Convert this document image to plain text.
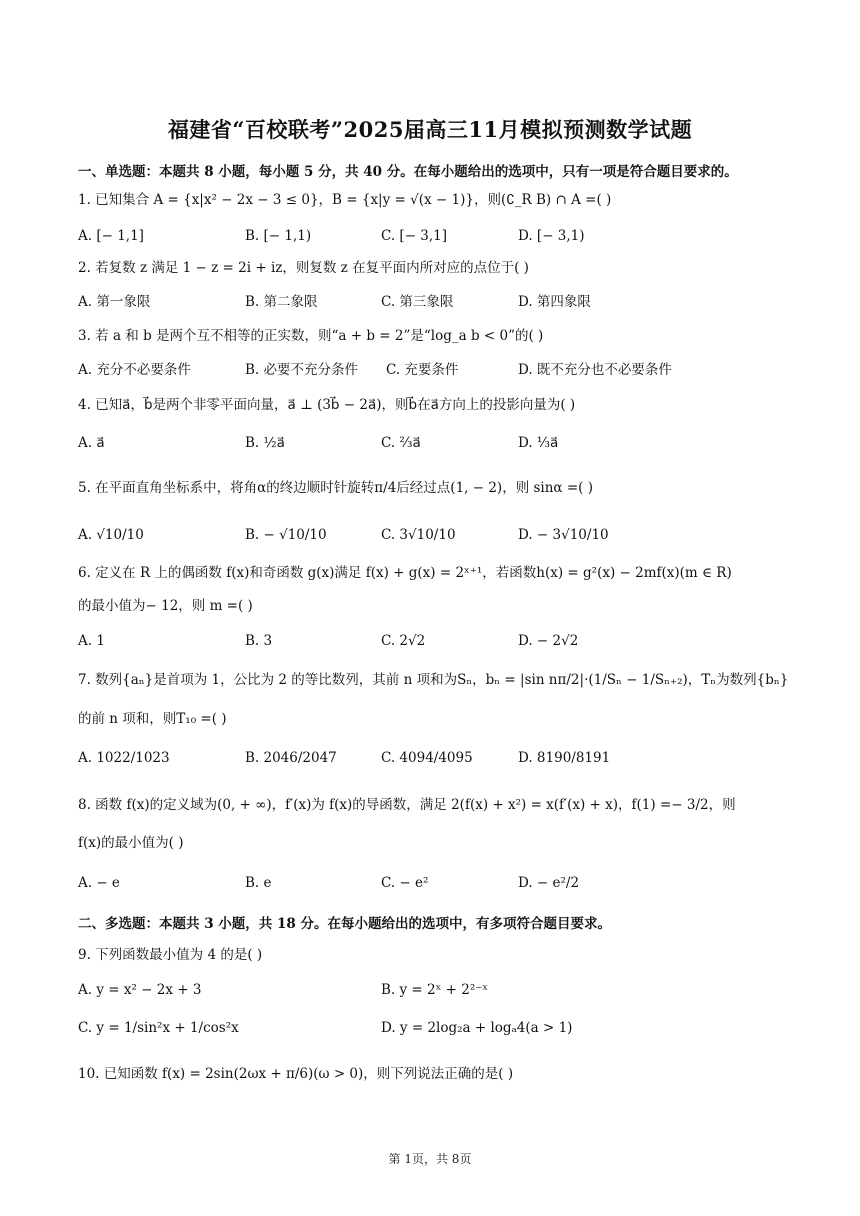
福建省“百校联考”2025届高三11月模拟预测数学试题
一、单选题：本题共 8 小题，每小题 5 分，共 40 分。在每小题给出的选项中，只有一项是符合题目要求的。
1. 已知集合 A = {x|x² − 2x − 3 ≤ 0}，B = {x|y = √(x − 1)}，则(∁_R B) ∩ A =( )
A. [− 1,1]	B. [− 1,1)	C. [− 3,1]	D. [− 3,1)
2. 若复数 z 满足 1 − z = 2i + iz，则复数 z 在复平面内所对应的点位于( )
A. 第一象限	B. 第二象限	C. 第三象限	D. 第四象限
3. 若 a 和 b 是两个互不相等的正实数，则“a + b = 2”是“log_a b < 0”的( )
A. 充分不必要条件	B. 必要不充分条件 C. 充要条件	D. 既不充分也不必要条件
4. 已知a⃗，b⃗是两个非零平面向量，a⃗ ⊥ (3b⃗ − 2a⃗)，则b⃗在a⃗方向上的投影向量为( )
A. a⃗	B. ½a⃗	C. ⅔a⃗	D. ⅓a⃗
5. 在平面直角坐标系中，将角α的终边顺时针旋转π/4后经过点(1, − 2)，则 sinα =( )
A. √10/10	B. − √10/10	C. 3√10/10	D. − 3√10/10
6. 定义在 R 上的偶函数 f(x)和奇函数 g(x)满足 f(x) + g(x) = 2ˣ⁺¹，若函数h(x) = g²(x) − 2mf(x)(m ∈ R)
的最小值为− 12，则 m =( )
A. 1	B. 3	C. 2√2	D. − 2√2
7. 数列{aₙ}是首项为 1，公比为 2 的等比数列，其前 n 项和为Sₙ，bₙ = |sin nπ/2|·(1/Sₙ − 1/Sₙ₊₂)，Tₙ为数列{bₙ}
的前 n 项和，则T₁₀ =( )
A. 1022/1023	B. 2046/2047	C. 4094/4095	D. 8190/8191
8. 函数 f(x)的定义域为(0, + ∞)，f′(x)为 f(x)的导函数，满足 2(f(x) + x²) = x(f′(x) + x)，f(1) =− 3/2，则
f(x)的最小值为( )
A. − e	B. e	C. − e²	D. − e²/2
二、多选题：本题共 3 小题，共 18 分。在每小题给出的选项中，有多项符合题目要求。
9. 下列函数最小值为 4 的是( )
A. y = x² − 2x + 3	B. y = 2ˣ + 2²⁻ˣ
C. y = 1/sin²x + 1/cos²x	D. y = 2log₂a + logₐ4(a > 1)
10. 已知函数 f(x) = 2sin(2ωx + π/6)(ω > 0)，则下列说法正确的是( )
第 1页，共 8页
